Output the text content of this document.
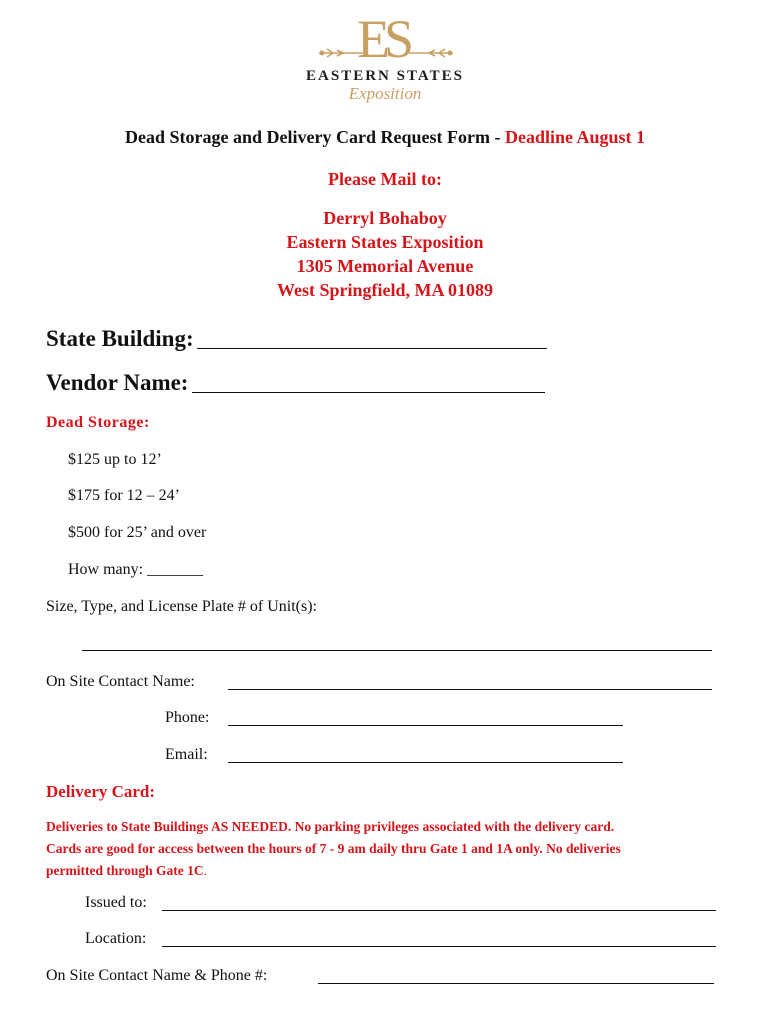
ES
EASTERN STATES
Exposition
Dead Storage and Delivery Card Request Form - Deadline August 1
Please Mail to:
Derryl Bohaboy
Eastern States Exposition
1305 Memorial Avenue
West Springfield, MA 01089
State Building:
Vendor Name:
Dead Storage:
$125 up to 12’
$175 for 12 – 24’
$500 for 25’ and over
How many: _______
Size, Type, and License Plate # of Unit(s):
On Site Contact Name:
Phone:
Email:
Delivery Card:
Deliveries to State Buildings AS NEEDED. No parking privileges associated with the delivery card.
Cards are good for access between the hours of 7 - 9 am daily thru Gate 1 and 1A only. No deliveries
permitted through Gate 1C.
Issued to:
Location:
On Site Contact Name & Phone #:
